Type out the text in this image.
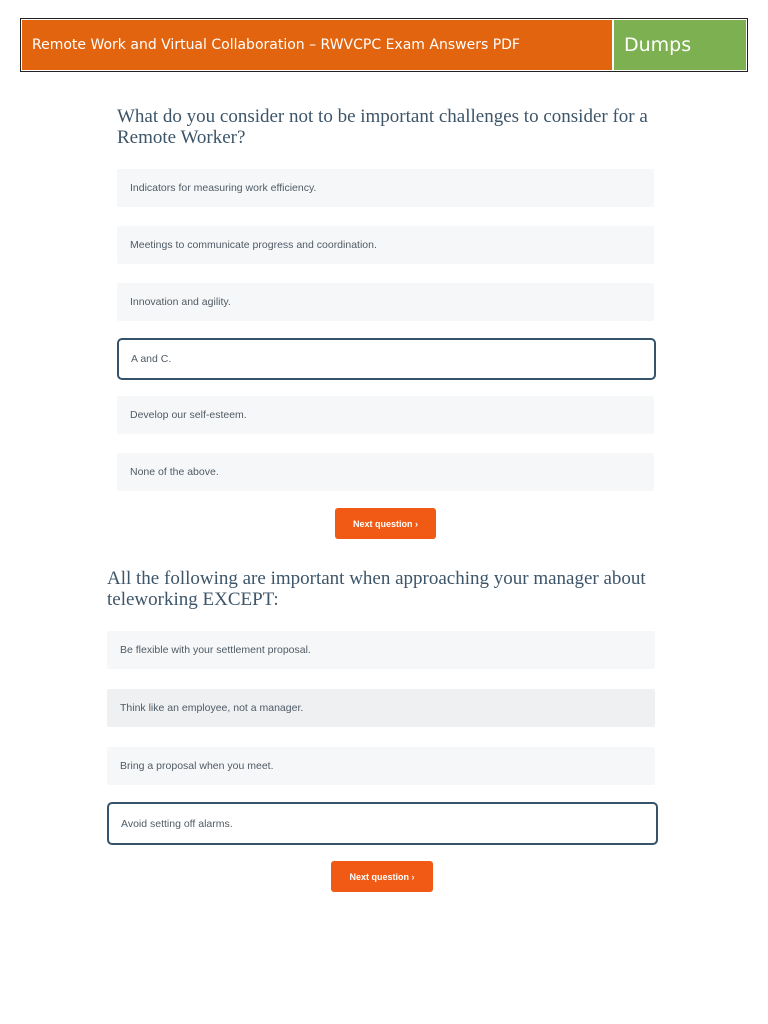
Remote Work and Virtual Collaboration – RWVCPC Exam Answers PDF	Dumps
What do you consider not to be important challenges to consider for a Remote Worker?
Indicators for measuring work efficiency.
Meetings to communicate progress and coordination.
Innovation and agility.
A and C.
Develop our self-esteem.
None of the above.
Next question ›
All the following are important when approaching your manager about teleworking EXCEPT:
Be flexible with your settlement proposal.
Think like an employee, not a manager.
Bring a proposal when you meet.
Avoid setting off alarms.
Next question ›
